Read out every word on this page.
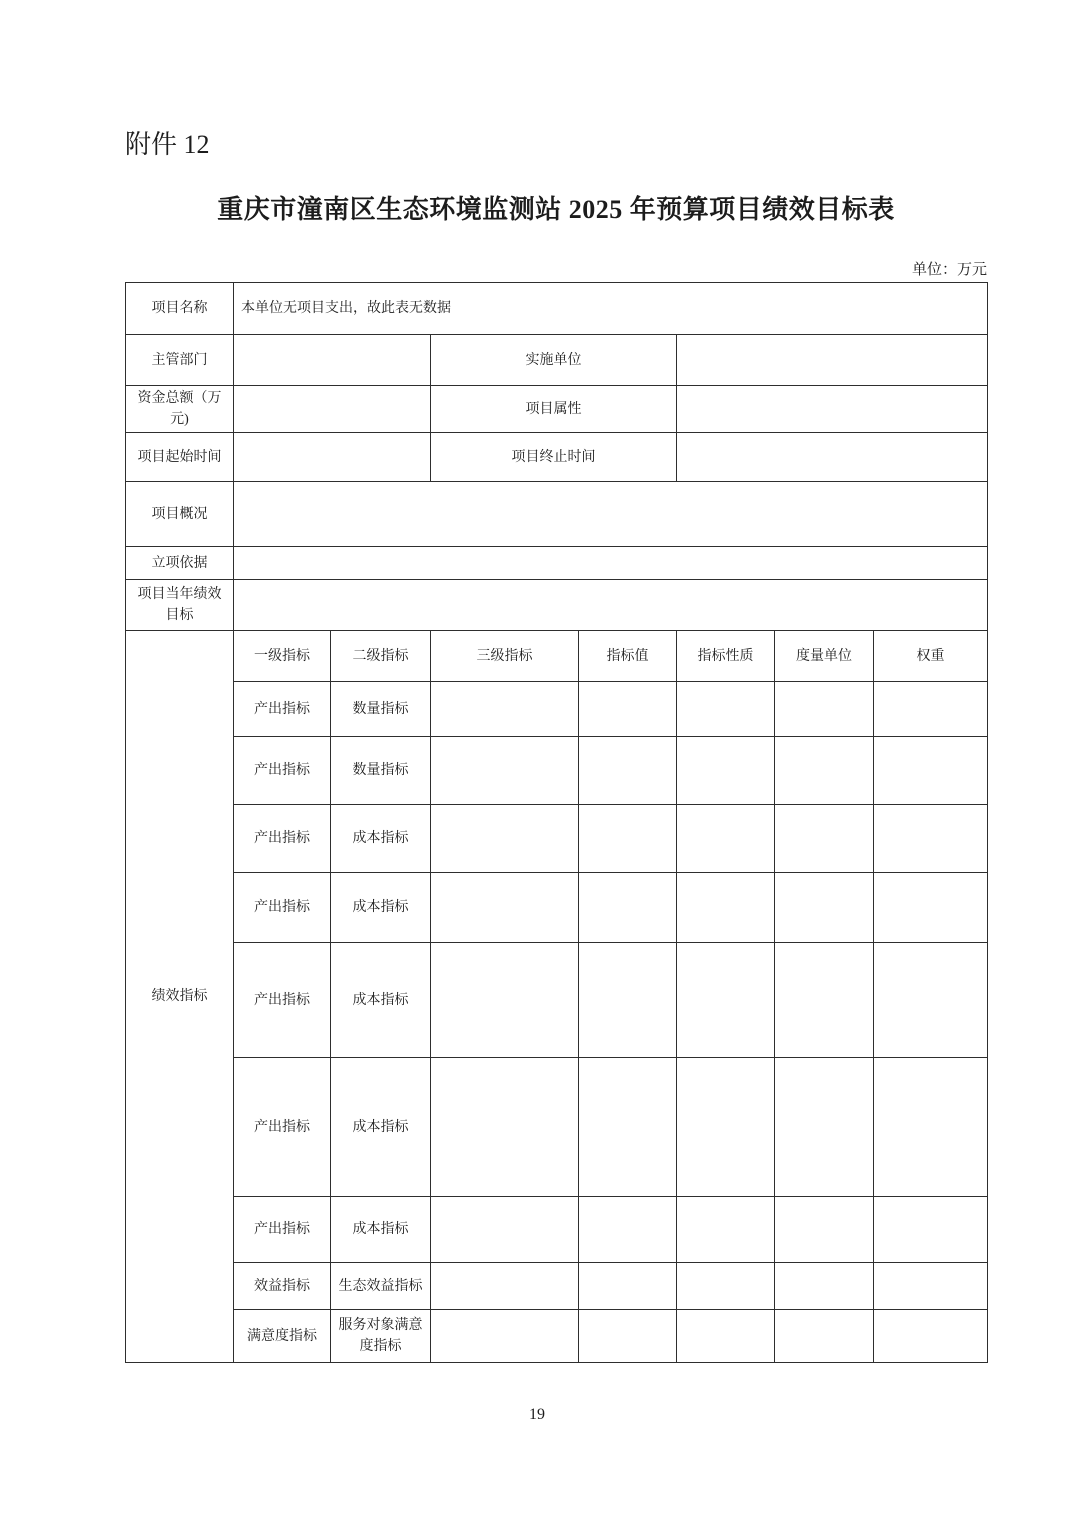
附件 12
重庆市潼南区生态环境监测站 2025 年预算项目绩效目标表
单位：万元
项目名称	本单位无项目支出，故此表无数据						
主管部门			实施单位				
资金总额（万元)			项目属性				
项目起始时间			项目终止时间				
项目概况							
立项依据							
项目当年绩效目标							
绩效指标	一级指标	二级指标	三级指标	指标值	指标性质	度量单位	权重
	产出指标	数量指标					
	产出指标	数量指标					
	产出指标	成本指标					
	产出指标	成本指标					
	产出指标	成本指标					
	产出指标	成本指标					
	产出指标	成本指标					
	效益指标	生态效益指标					
	满意度指标	服务对象满意度指标					
19
